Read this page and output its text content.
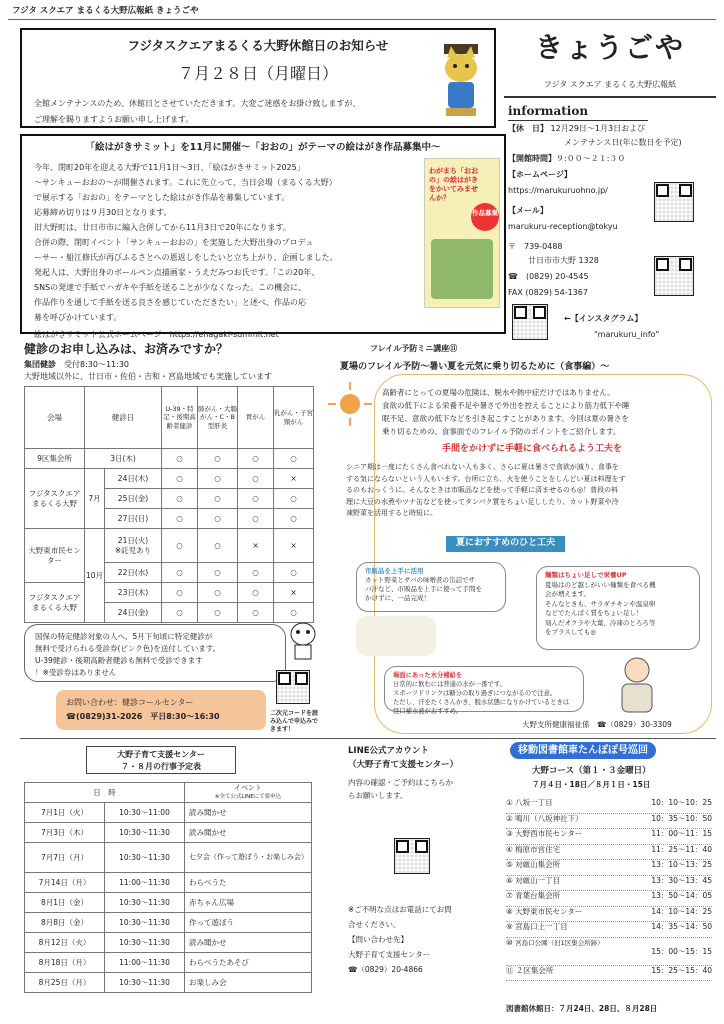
フジタ スクエア まるくる大野広報紙 きょうごや
フジタスクエアまるくる大野休館日のお知らせ
７月２８日（月曜日）
全館メンテナンスのため、休館日とさせていただきます。大変ご迷惑をお掛け致しますが、
ご理解を賜りますようお願い申し上げます。
きょうごや
フジタ スクエア まるくる大野広報紙
information
【休　日】 12月29日～1月3日および
メンテナンス日(年に数日を予定)
【開館時間】９:００～２１:３０
【ホームページ】
https://marukuruohno.jp/
【メール】
marukuru-reception@tokyu
〒　739-0488
廿日市市大野 1328
☎　(0829) 20-4545
FAX (0829) 54-1367
←【インスタグラム】
"marukuru_info"
「絵はがきサミット」を11月に開催～「おおの」がテーマの絵はがき作品募集中～
今年、閉町20年を迎える大野で11月1日～3日、「絵はがきサミット2025」
～サンキューおおの～が開催されます。これに先立って、当日会場（まるくる大野）
で展示する「おおの」をテーマとした絵はがき作品を募集しています。
応募締め切りは９月30日となります。
旧大野町は、廿日市市に編入合併してから11月3日で20年になります。
合併の際、閉町イベント「サンキューおおの」を実施した大野出身のプロデュ
ーサー・船江修氏が再びふるさとへの恩返しをしたいと立ち上がり、企画しました。
発起人は、大野出身のボールペン点描画家・うえだみつお氏です。「この20年、
SNSの発達で手紙でハガキや手紙を送ることが少なくなった。この機会に、
作品作りを通して手紙を送る良さを感じていただきたい」と述べ、作品の応
募を呼びかけています。
絵はがきサミット公式ホームページ　 https://ehagaki-summit.net
わがまち「おおの」の絵はがきをかいてみませんか？
作品募集
健診のお申し込みは、お済みですか？
集団健診　 受付8:30～11:30
大野地域以外に、廿日市・佐伯・吉和・宮島地域でも実施しています
会場	健診日		U-39・特定・後期高齢者健診	肺がん・大腸がん・C・B型肝炎	胃がん	乳がん・子宮頸がん
9区集会所	3日(木)		○	○	○	○
フジタスクエアまるくる大野	7月	24日(木)	○	○	○	×
		25日(金)	○	○	○	○
		27日(日)	○	○	○	○
大野東市民センター	10月	21日(火)
※託児あり	○	○	×	×
		22日(水)	○	○	○	○
フジタスクエアまるくる大野		23日(木)	○	○	○	×
		24日(金)	○	○	○	○
国保の特定健診対象の人へ、5月下旬頃に特定健診が
無料で受けられる受診券(ピンク色)を送付しています。
U-39健診・後期高齢者健診も無料で受診できます
！※受診券はありません
お問い合わせ：健診コールセンター
☎(0829)31-2026　平日8:30～16:30	二次元コードを読み込んで申込みできます！
フレイル予防ミニ講座⑪
夏場のフレイル予防～暑い夏を元気に乗り切るために（食事編）～
高齢者にとっての夏場の危険は、脱水や熱中症だけではありません。
食欲の低下による栄養不足や暑さで外出を控えることにより筋力低下や睡
眠不足、意欲の低下などを引き起こすことがあります。今回は夏の暑さを
乗り切るための、食事面でのフレイル予防のポイントをご紹介します。
手間をかけずに手軽に食べられるよう工夫を
シニア期は一度にたくさん食べれない人も多く、さらに夏は暑さで食欲が減り、食事を
する気にならないという人もいます。台所に立ち、火を使うことをしんどい夏は料理をす
るのもおっくうに。そんなときは市販品などを使って手軽に済ませるのも◎！普段の料
理に大豆の水煮やツナ缶などを使ってタンパク質をちょい足ししたり、カット野菜や冷
凍野菜を活用すると時短に。
夏におすすめのひと工夫
市販品を上手に活用
カット野菜とサバの味噌煮の缶詰でサ
バ汁など、市販品を上手に使って手間を
かけずに、一品完成！
麺類はちょい足しで栄養UP
夏場はのど越しがいい麺類を食べる機
会が増えます。
そんなときも、サラダチキンや温泉卵
などでたんぱく質をちょい足し！
刻んだオクラや大葉、冷凍のとろろ等
をプラスしても◎
場面にあった水分補給を
日常的に飲むには普通の水が一番です。
スポーツドリンクは糖分の取り過ぎにつながるので注意。
ただし、汗をたくさんかき、脱水状態になりかけているときは
経口補水液がおすすめ。
大野支所健康福祉係　☎（0829）30-3309
大野子育て支援センター
７・８月の行事予定表
日　時		イベント
※全て公式LINEにて要申込

7月1日（火）	10:30～11:00	読み聞かせ
7月3日（木）	10:30～11:30	読み聞かせ
7月7日（月）	10:30～11:30	七夕会（作って遊ぼう・お楽しみ会）
7月14日（月）	11:00～11:30	わらべうた
8月1日（金）	10:30～11:30	赤ちゃん広場
8月8日（金）	10:30～11:30	作って遊ぼう
8月12日（火）	10:30～11:30	読み聞かせ
8月18日（月）	11:00～11:30	わらべうたあそび
8月25日（月）	10:30～11:30	お楽しみ会
LINE公式アカウント
（大野子育て支援センター）
内容の確認・ご予約はこちらか
らお願いします。
※ご不明な点はお電話にてお問
合せください。
【問い合わせ先】
大野子育て支援センター
☎（0829）20-4866
移動図書館車たんぽぽ号巡回
大野コース（第１・３金曜日）
７月４日・18日／８月１日・15日
① 八坂一丁目	10：10～10：25
② 鳴川（八坂神社下）	10：35～10：50
③ 大野西市民センター	11：00～11：15
④ 梅原市営住宅	11：25～11：40
⑤ 対厳山集会所	13：10～13：25
⑥ 対厳山一丁目	13：30～13：45
⑦ 青葉台集会所	13：50～14：05
⑧ 大野東市民センター	14：10～14：25
⑨ 宮島口上一丁目	14：35～14：50
⑩ 宮島口公園（旧1区集会所跡）
15：00～15：15
⑪ ２区集会所	15：25～15：40
図書館休館日：７月24日、28日、８月28日
